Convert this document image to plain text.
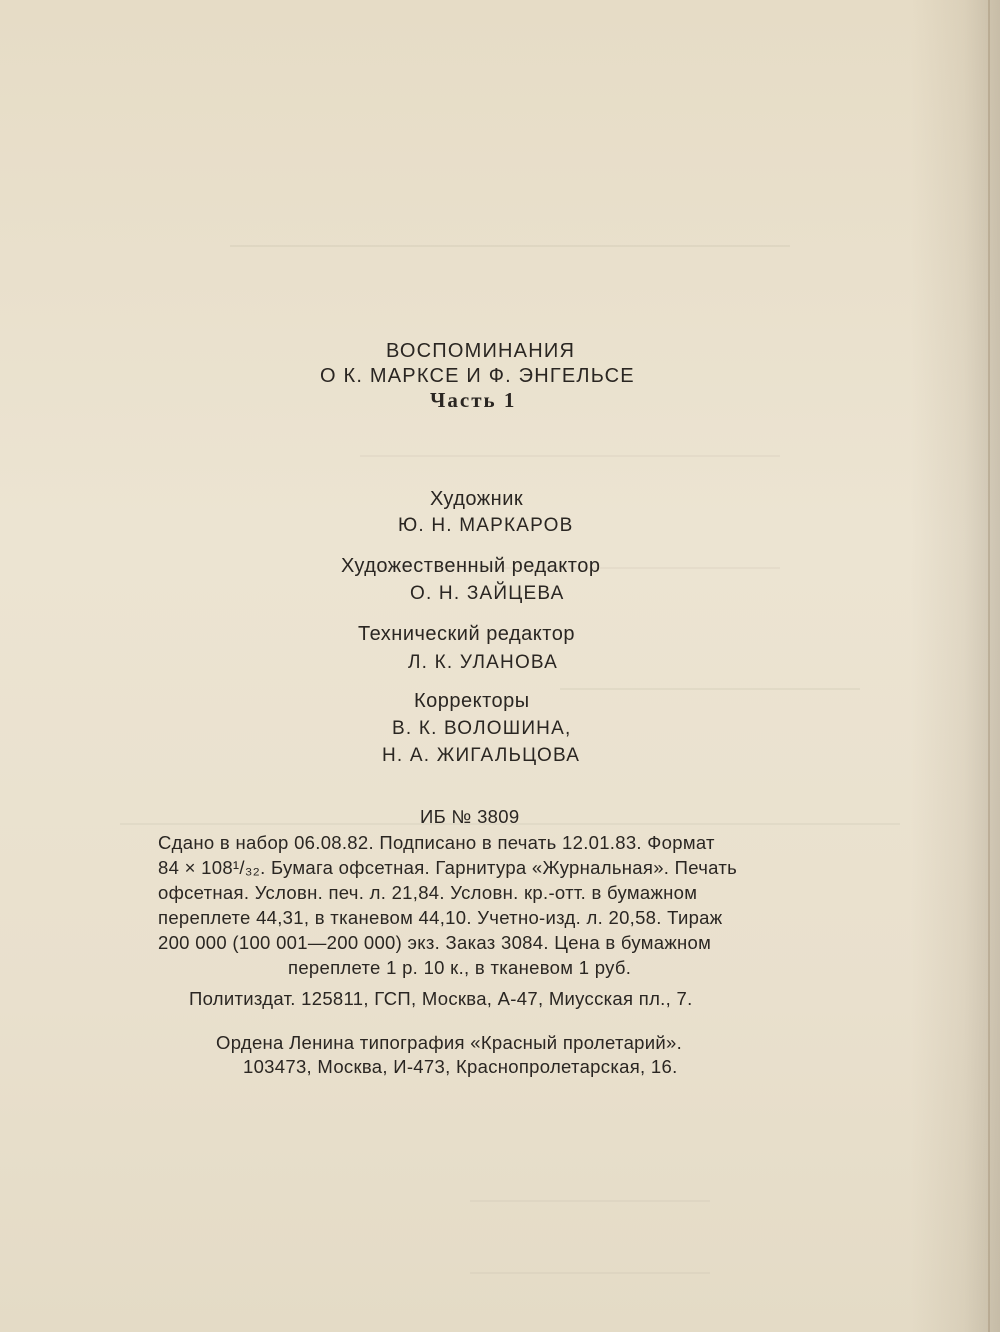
ВОСПОМИНАНИЯ
О К. МАРКСЕ И Ф. ЭНГЕЛЬСЕ
Часть 1
Художник
Ю. Н. МАРКАРОВ
Художественный редактор
О. Н. ЗАЙЦЕВА
Технический редактор
Л. К. УЛАНОВА
Корректоры
В. К. ВОЛОШИНА,
Н. А. ЖИГАЛЬЦОВА
ИБ № 3809
Сдано в набор 06.08.82. Подписано в печать 12.01.83. Формат
84 × 108¹/₃₂. Бумага офсетная. Гарнитура «Журнальная». Печать
офсетная. Условн. печ. л. 21,84. Условн. кр.-отт. в бумажном
переплете 44,31, в тканевом 44,10. Учетно-изд. л. 20,58. Тираж
200 000 (100 001—200 000) экз. Заказ 3084. Цена в бумажном
переплете 1 р. 10 к., в тканевом 1 руб.
Политиздат. 125811, ГСП, Москва, А-47, Миусская пл., 7.
Ордена Ленина типография «Красный пролетарий».
103473, Москва, И-473, Краснопролетарская, 16.
